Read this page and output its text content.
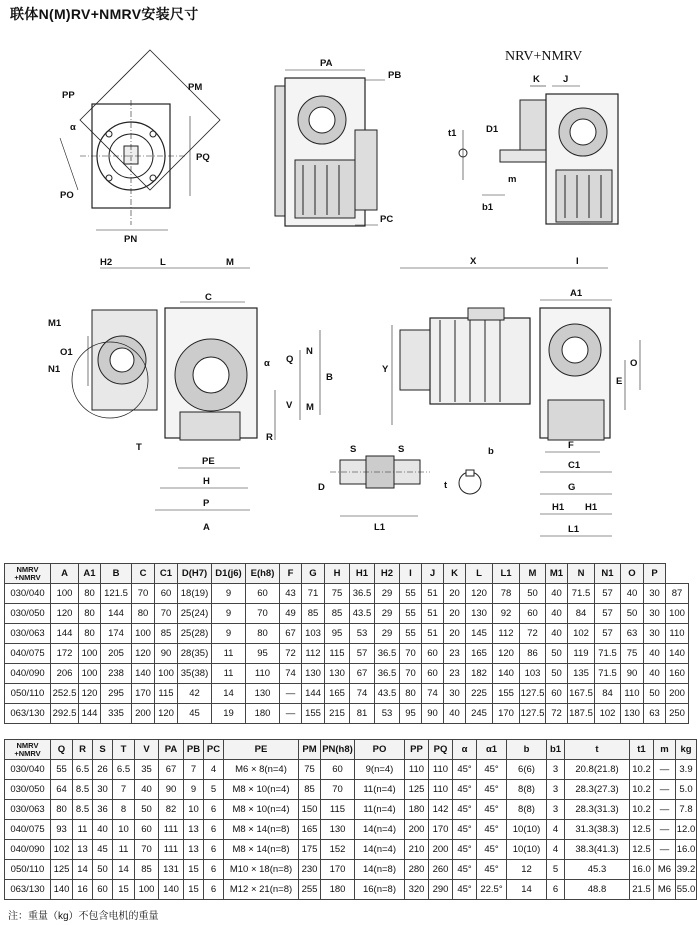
联体N(M)RV+NMRV安装尺寸
NRV+NMRV
PP
PM
α
PQ
PO
PN
PA
PB
PC
K J
t1	D1
m
b1
H2	L	M
C
M1
O1
N1
α Q
V M
N
B
R
PE
H
P
T
A
X	I
A1
Y
O
E
F
C1
G
H1 H1
L1
S	S
D
L1
b
t
NMRV
+NMRV	A	A1	B	C	C1	D(H7)	D1(j6)	E(h8)	F	G	H	H1	H2	I	J	K	L	L1	M	M1	N	N1	O	P	
030/040	100	80	121.5	70	60	18(19)	9	60	43	71	75	36.5	29	55	51	20	120	78	50	40	71.5	57	40	30	87
030/050	120	80	144	80	70	25(24)	9	70	49	85	85	43.5	29	55	51	20	130	92	60	40	84	57	50	30	100
030/063	144	80	174	100	85	25(28)	9	80	67	103	95	53	29	55	51	20	145	112	72	40	102	57	63	30	110
040/075	172	100	205	120	90	28(35)	11	95	72	112	115	57	36.5	70	60	23	165	120	86	50	119	71.5	75	40	140
040/090	206	100	238	140	100	35(38)	11	110	74	130	130	67	36.5	70	60	23	182	140	103	50	135	71.5	90	40	160
050/110	252.5	120	295	170	115	42	14	130	—	144	165	74	43.5	80	74	30	225	155	127.5	60	167.5	84	110	50	200
063/130	292.5	144	335	200	120	45	19	180	—	155	215	81	53	95	90	40	245	170	127.5	72	187.5	102	130	63	250
NMRV
+NMRV	Q	R	S	T	V	PA	PB	PC	PE	PM	PN(h8)	PO	PP	PQ	α	α1	b	b1	t	t1	m	kg
030/040	55	6.5	26	6.5	35	67	7	4	M6 × 8(n=4)	75	60	9(n=4)	110	110	45°	45°	6(6)	3	20.8(21.8)	10.2	—	3.9
030/050	64	8.5	30	7	40	90	9	5	M8 × 10(n=4)	85	70	11(n=4)	125	110	45°	45°	8(8)	3	28.3(27.3)	10.2	—	5.0
030/063	80	8.5	36	8	50	82	10	6	M8 × 10(n=4)	150	115	11(n=4)	180	142	45°	45°	8(8)	3	28.3(31.3)	10.2	—	7.8
040/075	93	11	40	10	60	111	13	6	M8 × 14(n=8)	165	130	14(n=4)	200	170	45°	45°	10(10)	4	31.3(38.3)	12.5	—	12.0
040/090	102	13	45	11	70	111	13	6	M8 × 14(n=8)	175	152	14(n=4)	210	200	45°	45°	10(10)	4	38.3(41.3)	12.5	—	16.0
050/110	125	14	50	14	85	131	15	6	M10 × 18(n=8)	230	170	14(n=8)	280	260	45°	45°	12	5	45.3	16.0	M6	39.2
063/130	140	16	60	15	100	140	15	6	M12 × 21(n=8)	255	180	16(n=8)	320	290	45°	22.5°	14	6	48.8	21.5	M6	55.0
注：重量（kg）不包含电机的重量
